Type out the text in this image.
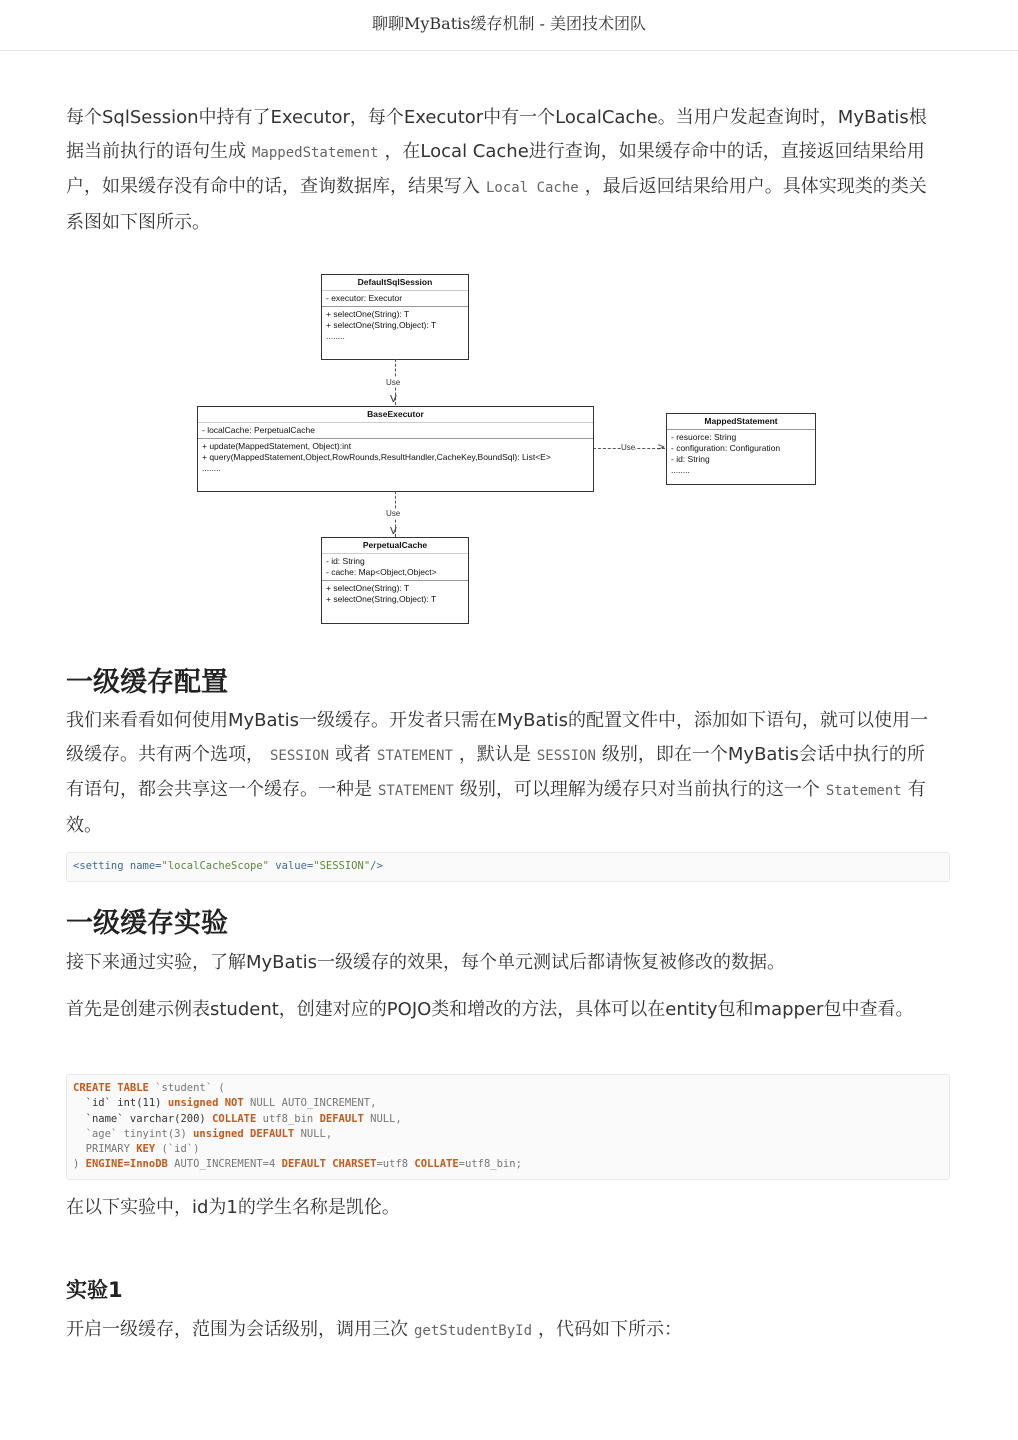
聊聊MyBatis缓存机制 - 美团技术团队

每个SqlSession中持有了Executor，每个Executor中有一个LocalCache。当用户发起查询时，MyBatis根据当前执行的语句生成 MappedStatement ，在Local Cache进行查询，如果缓存命中的话，直接返回结果给用户，如果缓存没有命中的话，查询数据库，结果写入 Local Cache ，最后返回结果给用户。具体实现类的类关系图如下图所示。

DefaultSqlSession
- executor: Executor
+ selectOne(String): T
+ selectOne(String,Object): T
........
Use
V
BaseExecutor
- localCache: PerpetualCache
+ update(MappedStatement, Object):int
+ query(MappedStatement,Object,RowRounds,ResultHandler,CacheKey,BoundSql): List<E>
........
Use >
MappedStatement
- resuorce: String
- configuration: Configuration
- id: String
........
Use
V
PerpetualCache
- id: String
- cache: Map<Object,Object>
+ selectOne(String): T
+ selectOne(String,Object): T
一级缓存配置

我们来看看如何使用MyBatis一级缓存。开发者只需在MyBatis的配置文件中，添加如下语句，就可以使用一级缓存。共有两个选项， SESSION 或者 STATEMENT ，默认是 SESSION 级别，即在一个MyBatis会话中执行的所有语句，都会共享这一个缓存。一种是 STATEMENT 级别，可以理解为缓存只对当前执行的这一个 Statement 有效。

<setting name="localCacheScope" value="SESSION"/>
一级缓存实验

接下来通过实验，了解MyBatis一级缓存的效果，每个单元测试后都请恢复被修改的数据。

首先是创建示例表student，创建对应的POJO类和增改的方法，具体可以在entity包和mapper包中查看。

CREATE TABLE `student` (
`id` int(11) unsigned NOT NULL AUTO_INCREMENT,
`name` varchar(200) COLLATE utf8_bin DEFAULT NULL,
`age` tinyint(3) unsigned DEFAULT NULL,
PRIMARY KEY (`id`)
) ENGINE=InnoDB AUTO_INCREMENT=4 DEFAULT CHARSET=utf8 COLLATE=utf8_bin;

在以下实验中，id为1的学生名称是凯伦。

实验1

开启一级缓存，范围为会话级别，调用三次 getStudentById ，代码如下所示：
